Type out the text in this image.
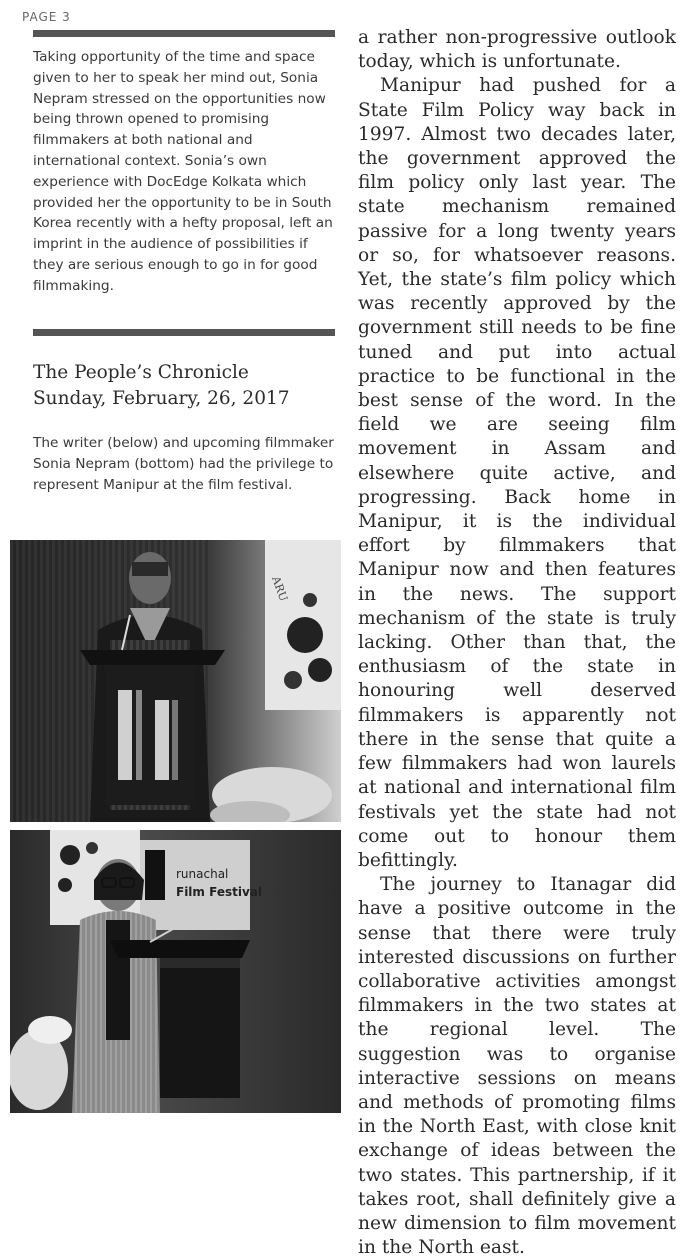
PAGE 3

Taking opportunity of the time and space given to her to speak her mind out, Sonia Nepram stressed on the opportunities now being thrown opened to promising filmmakers at both national and international context. Sonia’s own experience with DocEdge Kolkata which provided her the opportunity to be in South Korea recently with a hefty proposal, left an imprint in the audience of possibilities if they are serious enough to go in for good filmmaking.

The People’s Chronicle
Sunday, February, 26, 2017

The writer (below) and upcoming filmmaker Sonia Nepram (bottom) had the privilege to represent Manipur at the film festival.

ARU
runachal
Film Festival

a rather non-progressive outlook today, which is unfortunate.

Manipur had pushed for a State Film Policy way back in 1997. Almost two decades later, the government approved the film policy only last year. The state mechanism remained passive for a long twenty years or so, for whatsoever reasons. Yet, the state’s film policy which was recently approved by the government still needs to be fine tuned and put into actual practice to be functional in the best sense of the word. In the field we are seeing film movement in Assam and elsewhere quite active, and progressing. Back home in Manipur, it is the individual effort by filmmakers that Manipur now and then features in the news. The support mechanism of the state is truly lacking. Other than that, the enthusiasm of the state in honouring well deserved filmmakers is apparently not there in the sense that quite a few filmmakers had won laurels at national and international film festivals yet the state had not come out to honour them befittingly.

The journey to Itanagar did have a positive outcome in the sense that there were truly interested discussions on further collaborative activities amongst filmmakers in the two states at the regional level. The suggestion was to organise interactive sessions on means and methods of promoting films in the North East, with close knit exchange of ideas between the two states. This partnership, if it takes root, shall definitely give a new dimension to film movement in the North east.
